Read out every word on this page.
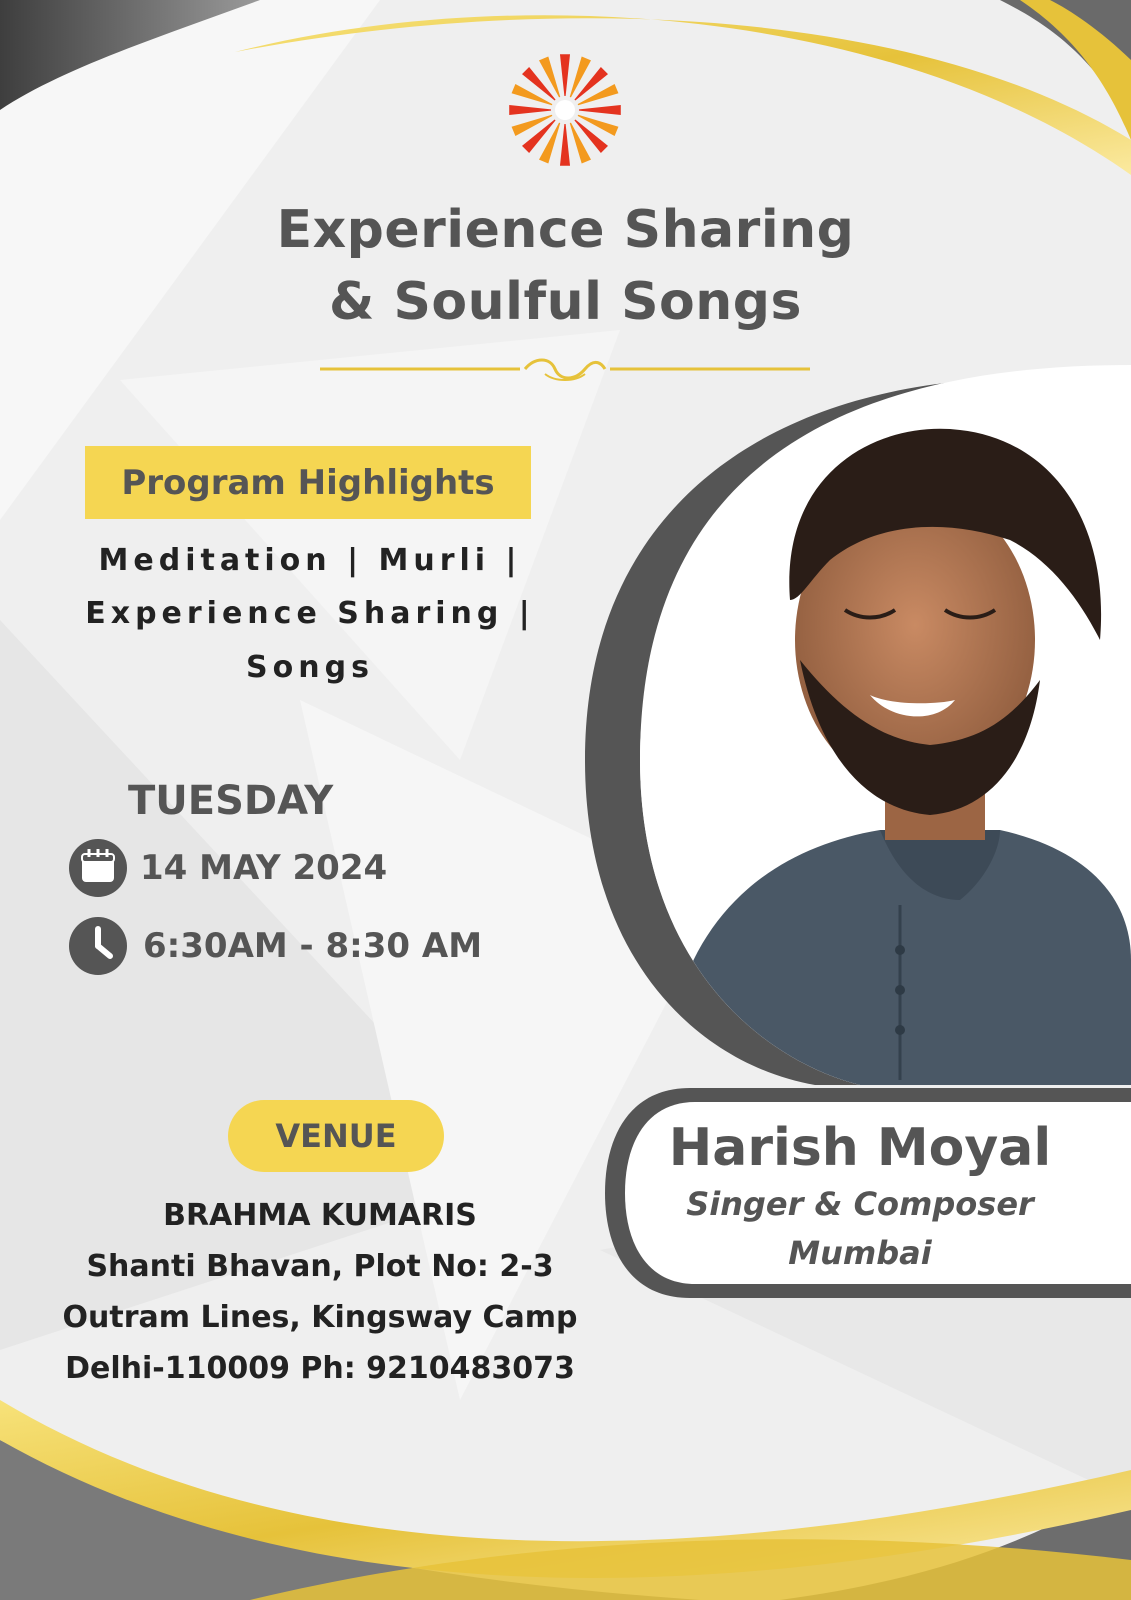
Experience Sharing
& Soulful Songs
Program Highlights
Meditation | Murli |
Experience Sharing |
Songs
TUESDAY
14 MAY 2024
6:30AM - 8:30 AM
VENUE
BRAHMA KUMARIS
Shanti Bhavan, Plot No: 2-3
Outram Lines, Kingsway Camp
Delhi-110009 Ph: 9210483073
Harish Moyal
Singer & Composer
Mumbai
